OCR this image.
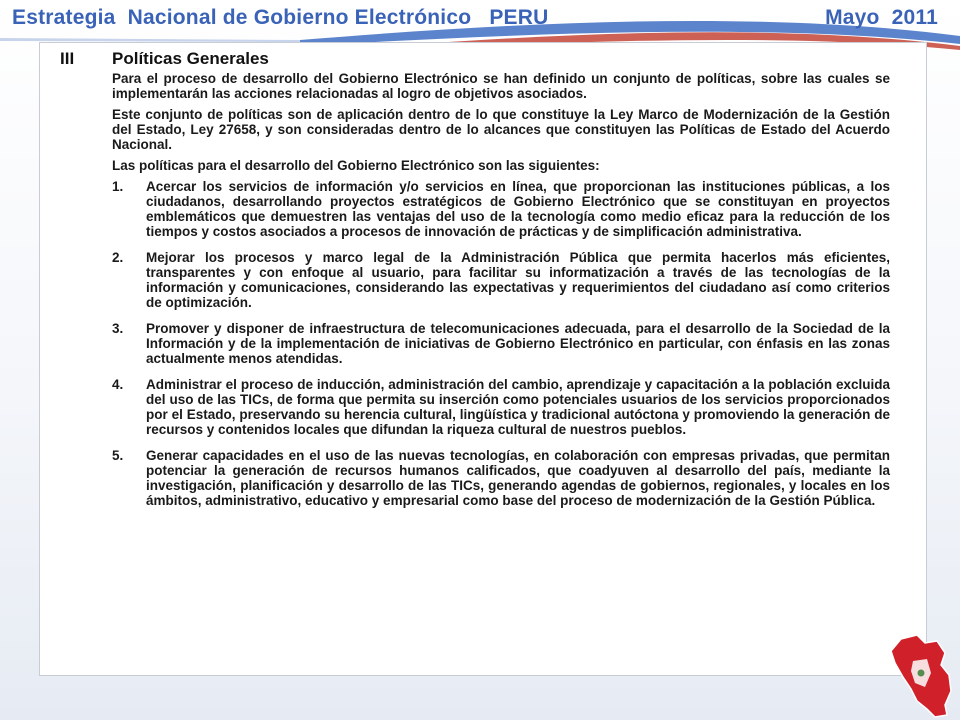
Estrategia  Nacional de Gobierno Electrónico   PERU	Mayo  2011
III Políticas Generales

Para el proceso de desarrollo del Gobierno Electrónico se han definido un conjunto de políticas, sobre las cuales se implementarán las acciones relacionadas al logro de objetivos asociados.

Este conjunto de políticas son de aplicación dentro de lo que constituye la Ley Marco de Modernización de la Gestión del Estado, Ley 27658, y son consideradas dentro de lo alcances que constituyen las Políticas de Estado del Acuerdo Nacional.

Las políticas para el desarrollo del Gobierno Electrónico son las siguientes:

1.	Acercar los servicios de información y/o servicios en línea, que proporcionan las instituciones públicas, a los ciudadanos, desarrollando proyectos estratégicos de Gobierno Electrónico que se constituyan en proyectos emblemáticos que demuestren las ventajas del uso de la tecnología como medio eficaz para la reducción de los tiempos y costos asociados a procesos de innovación de prácticas y de simplificación administrativa.
2.	Mejorar los procesos y marco legal de la Administración Pública que permita hacerlos más eficientes, transparentes y con enfoque al usuario, para facilitar su informatización a través de las tecnologías de la información y comunicaciones, considerando las expectativas y requerimientos del ciudadano así como criterios de optimización.
3.	Promover y disponer de infraestructura de telecomunicaciones adecuada, para el desarrollo de la Sociedad de la Información y de la implementación de iniciativas de Gobierno Electrónico en particular, con énfasis en las zonas actualmente menos atendidas.
4.	Administrar el proceso de inducción, administración del cambio, aprendizaje y capacitación a la población excluida del uso de las TICs, de forma que permita su inserción como potenciales usuarios de los servicios proporcionados por el Estado, preservando su herencia cultural, lingüística y tradicional autóctona y promoviendo la generación de recursos y contenidos locales que difundan la riqueza cultural de nuestros pueblos.
5.	Generar capacidades en el uso de las nuevas tecnologías, en colaboración con empresas privadas, que permitan potenciar la generación de recursos humanos calificados, que coadyuven al desarrollo del país, mediante la investigación, planificación y desarrollo de las TICs, generando agendas de gobiernos, regionales, y locales en los ámbitos, administrativo, educativo y empresarial como base del proceso de modernización de la Gestión Pública.
